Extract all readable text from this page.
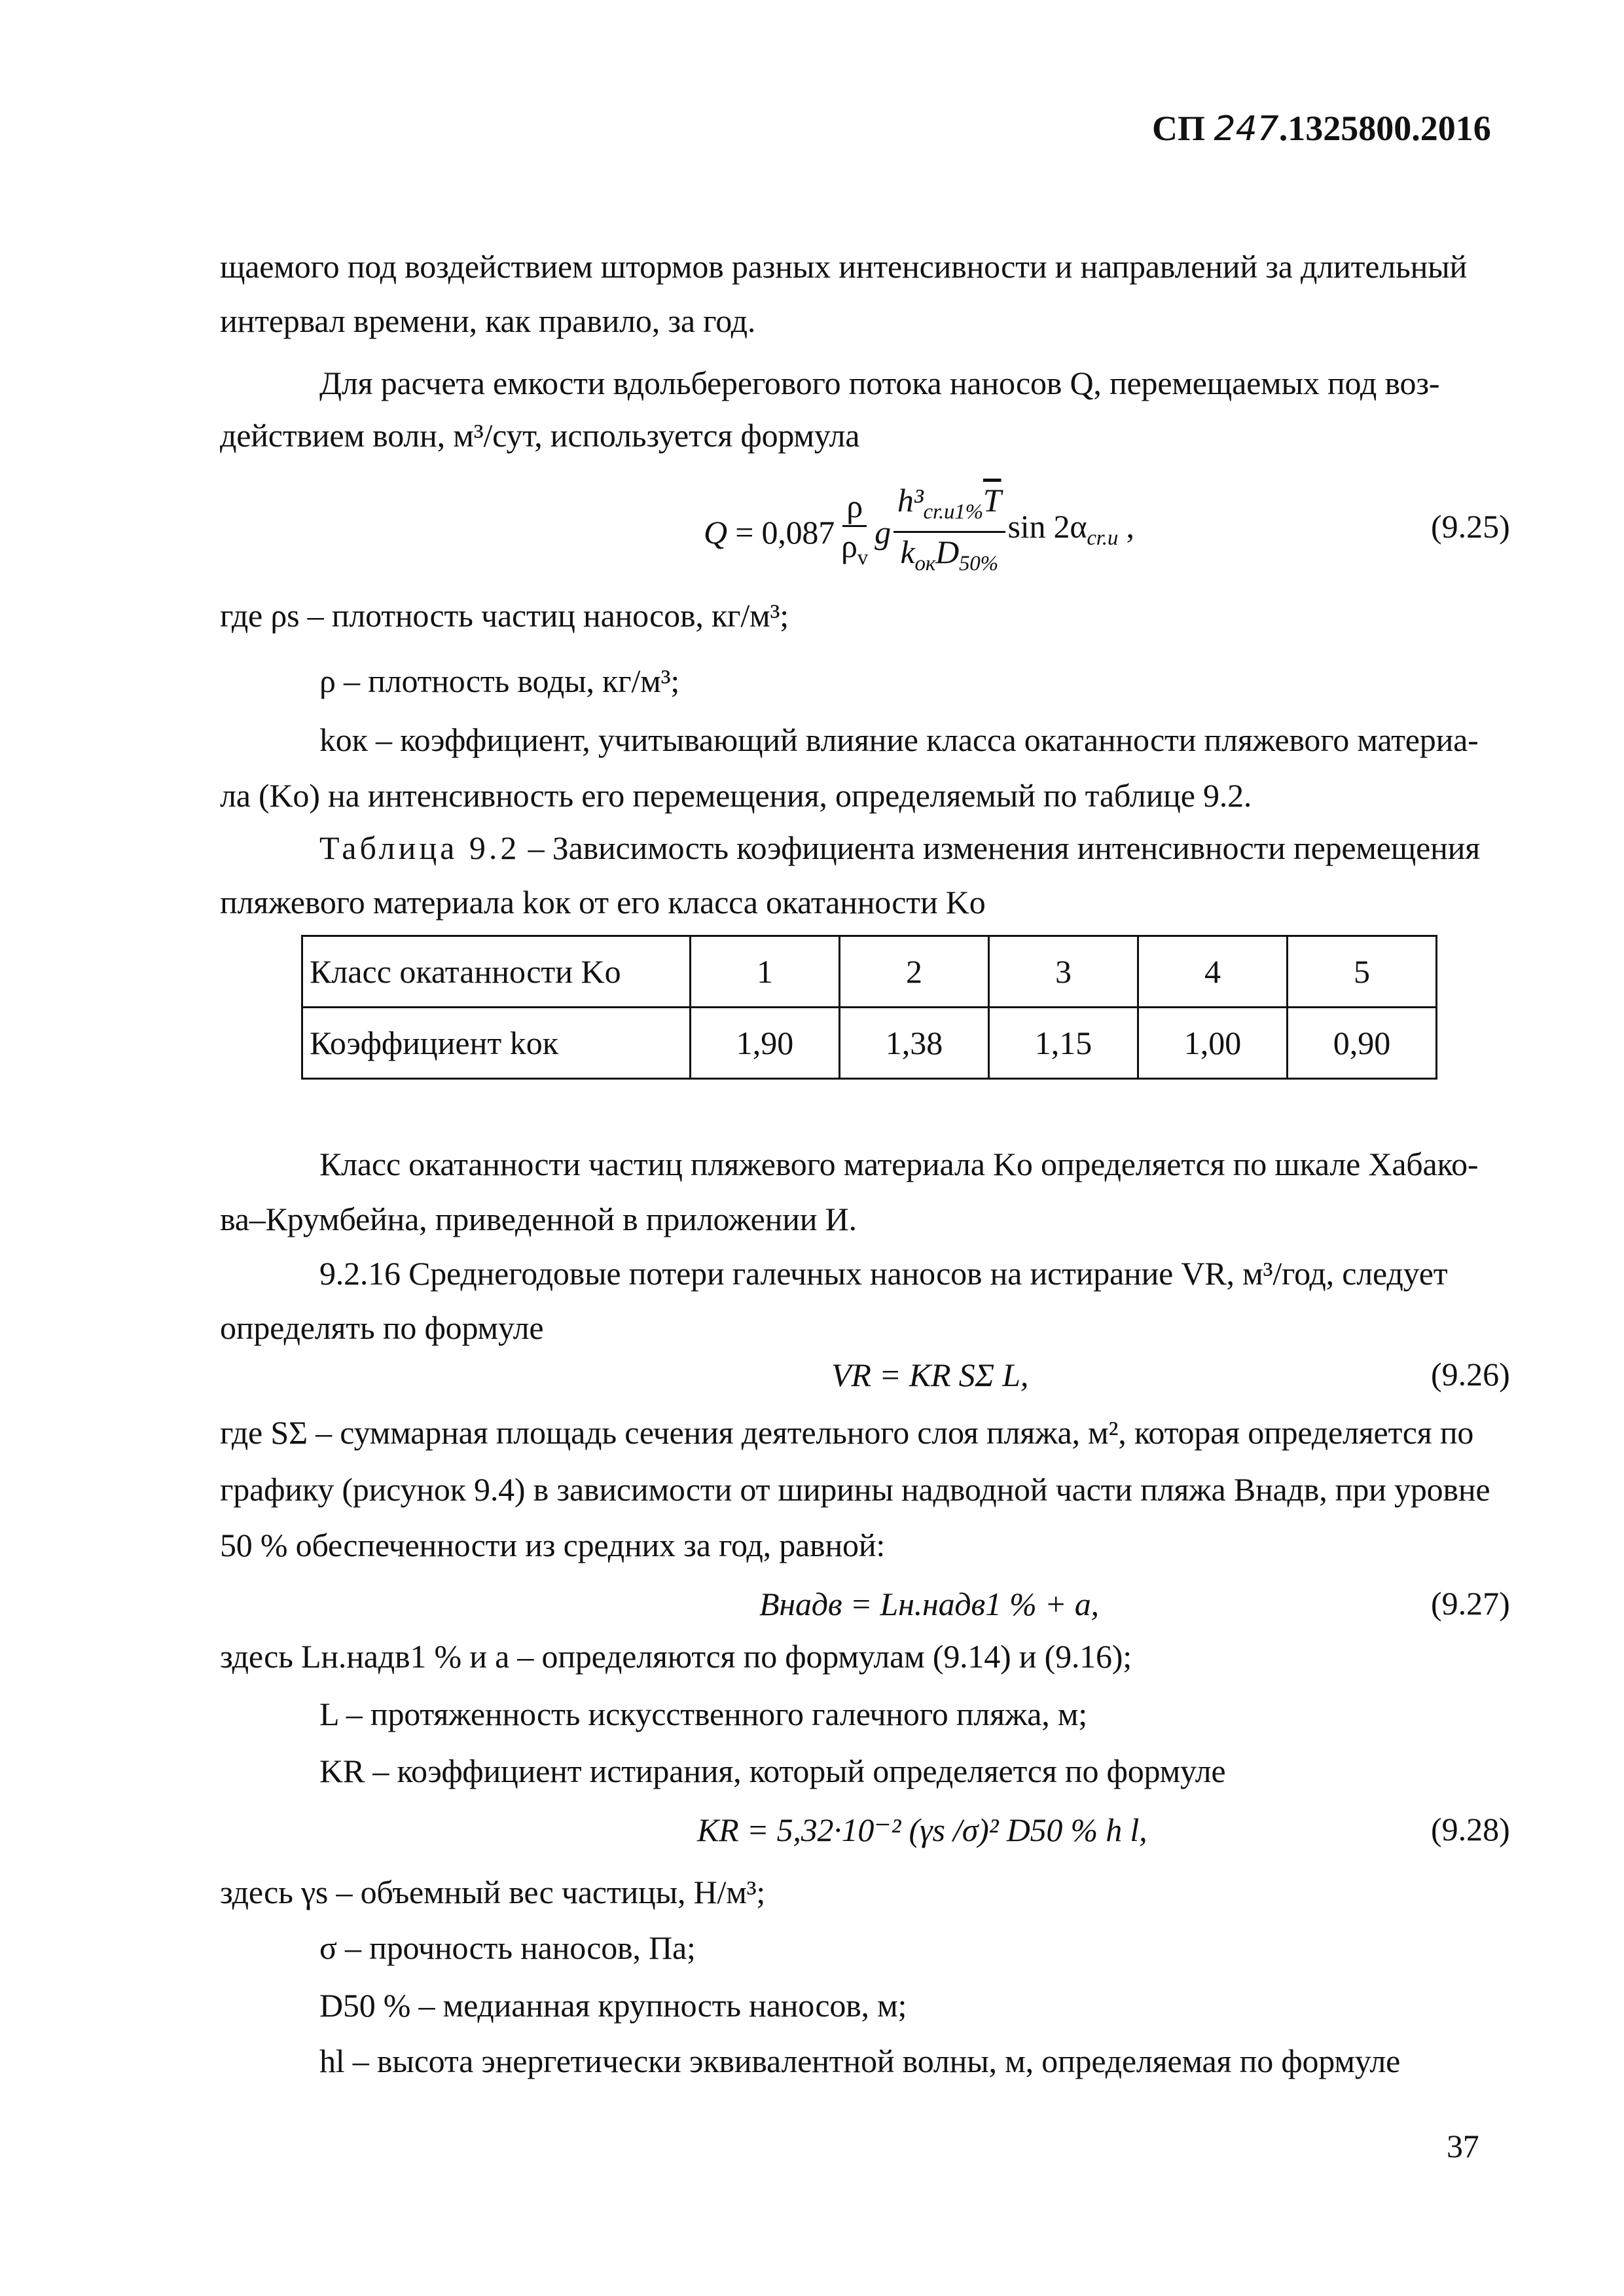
СП 247.1325800.2016
щаемого под воздействием штормов разных интенсивности и направлений за длительный
интервал времени, как правило, за год.
Для расчета емкости вдольберегового потока наносов Q, перемещаемых под воз-
действием волн, м³/сут, используется формула
$Q = 0,087 \frac{\rho}{\rho_v}$ g $\frac{h^3_{cr.u1\%}\overline{T}}{k_{ок}D_{50\%}}$ $\sin 2\alpha_{cr.u}$ ,	(9.25)
где ρs – плотность частиц наносов, кг/м³;
ρ – плотность воды, кг/м³;
kок – коэффициент, учитывающий влияние класса окатанности пляжевого материа-
ла (Ko) на интенсивность его перемещения, определяемый по таблице 9.2.
Таблица 9.2 – Зависимость коэфициента изменения интенсивности перемещения
пляжевого материала kок от его класса окатанности Ko
Класс окатанности Ko	1	2	3	4	5
Коэффициент kок	1,90	1,38	1,15	1,00	0,90
Класс окатанности частиц пляжевого материала Ko определяется по шкале Хабако-
ва–Крумбейна, приведенной в приложении И.
9.2.16 Среднегодовые потери галечных наносов на истирание VR, м³/год, следует
определять по формуле
VR = KR SΣ L,	(9.26)
где SΣ – суммарная площадь сечения деятельного слоя пляжа, м², которая определяется по
графику (рисунок 9.4) в зависимости от ширины надводной части пляжа Bнадв, при уровне
50 % обеспеченности из средних за год, равной:
Bнадв = Lн.надв1 % + a,	(9.27)
здесь Lн.надв1 % и a – определяются по формулам (9.14) и (9.16);
L – протяженность искусственного галечного пляжа, м;
KR – коэффициент истирания, который определяется по формуле
KR = 5,32·10⁻² (γs /σ)² D50 % h l,	(9.28)
здесь γs – объемный вес частицы, Н/м³;
σ – прочность наносов, Па;
D50 % – медианная крупность наносов, м;
hl – высота энергетически эквивалентной волны, м, определяемая по формуле
37
